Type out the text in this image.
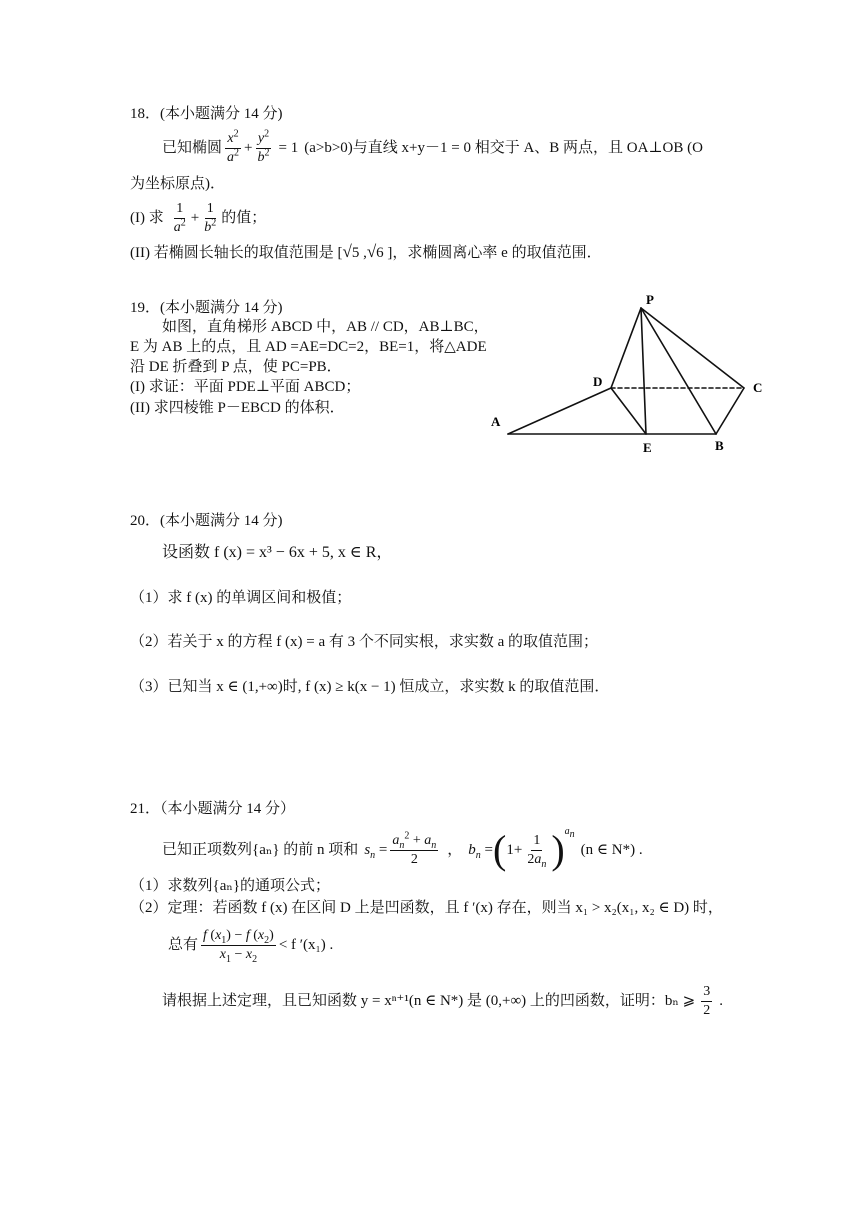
18．(本小题满分 14 分)
已知椭圆 $\frac{x^2}{a^2} + \frac{y^2}{b^2} = 1$ (a>b>0)与直线 x+y－1 = 0 相交于 A、B 两点，且 OA⊥OB (O
为坐标原点)．
(I) 求 $\frac{1}{a^2} + \frac{1}{b^2}$ 的值；
(II) 若椭圆长轴长的取值范围是 [√5 ,√6 ]，求椭圆离心率 e 的取值范围．
19．(本小题满分 14 分)
如图，直角梯形 ABCD 中，AB // CD，AB⊥BC，
E 为 AB 上的点，且 AD =AE=DC=2，BE=1，将△ADE
沿 DE 折叠到 P 点，使 PC=PB．
(I) 求证：平面 PDE⊥平面 ABCD；
(II) 求四棱锥 P－EBCD 的体积．
P
D	C
A
E	B
20．(本小题满分 14 分)
设函数 f (x) = x³ − 6x + 5, x ∈ R，
（1）求 f (x) 的单调区间和极值；
（2）若关于 x 的方程 f (x) = a 有 3 个不同实根，求实数 a 的取值范围；
（3）已知当 x ∈ (1,+∞)时, f (x) ≥ k(x − 1) 恒成立，求实数 k 的取值范围．
21．（本小题满分 14 分）
已知正项数列{aₙ} 的前 n 项和 $s_n = \frac{a_n^2 + a_n}{2}$ ， $b_n$ = ( $1+ \frac{1}{2a_n}$ ) $a_n$
(n ∈ N*) .
（1）求数列{aₙ}的通项公式；
（2）定理：若函数 f (x) 在区间 D 上是凹函数，且 f ′(x) 存在，则当 x₁ > x₂(x₁, x₂ ∈ D) 时，
总有 $\frac{f (x_1) - f (x_2)}{x_1 - x_2} < f$ ′(x₁) .
请根据上述定理，且已知函数 y = xⁿ⁺¹(n ∈ N*) 是 (0,+∞) 上的凹函数，证明：bₙ ⩾ $\frac{3}{2}$ .
